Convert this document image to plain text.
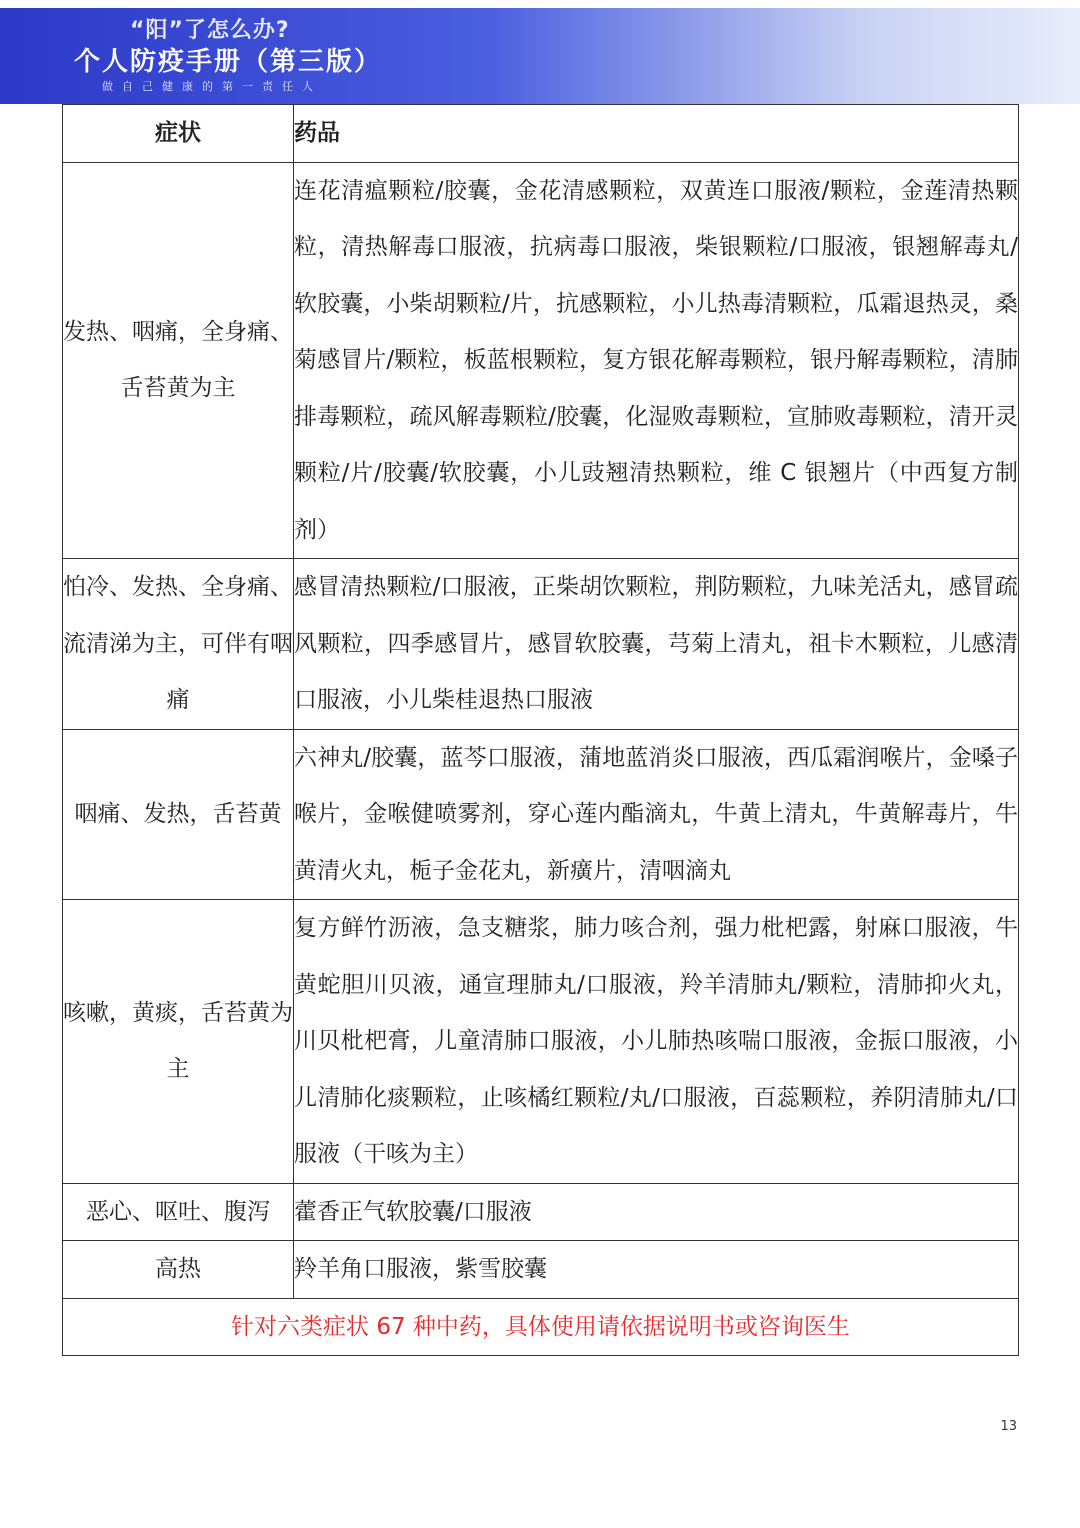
“阳”了怎么办?
个人防疫手册（第三版）
做自己健康的第一责任人
症状	药品
发热、咽痛，全身痛、舌苔黄为主	连花清瘟颗粒/胶囊，金花清感颗粒，双黄连口服液/颗粒，金莲清热颗粒，清热解毒口服液，抗病毒口服液，柴银颗粒/口服液，银翘解毒丸/软胶囊，小柴胡颗粒/片，抗感颗粒，小儿热毒清颗粒，瓜霜退热灵，桑菊感冒片/颗粒，板蓝根颗粒，复方银花解毒颗粒，银丹解毒颗粒，清肺排毒颗粒，疏风解毒颗粒/胶囊，化湿败毒颗粒，宣肺败毒颗粒，清开灵颗粒/片/胶囊/软胶囊，小儿豉翘清热颗粒，维 C 银翘片（中西复方制剂）
怕冷、发热、全身痛、流清涕为主，可伴有咽痛	感冒清热颗粒/口服液，正柴胡饮颗粒，荆防颗粒，九味羌活丸，感冒疏风颗粒，四季感冒片，感冒软胶囊，芎菊上清丸，祖卡木颗粒，儿感清口服液，小儿柴桂退热口服液
咽痛、发热，舌苔黄	六神丸/胶囊，蓝芩口服液，蒲地蓝消炎口服液，西瓜霜润喉片，金嗓子喉片，金喉健喷雾剂，穿心莲内酯滴丸，牛黄上清丸，牛黄解毒片，牛黄清火丸，栀子金花丸，新癀片，清咽滴丸
咳嗽，黄痰，舌苔黄为主	复方鲜竹沥液，急支糖浆，肺力咳合剂，强力枇杷露，射麻口服液，牛黄蛇胆川贝液，通宣理肺丸/口服液，羚羊清肺丸/颗粒，清肺抑火丸，川贝枇杷膏，儿童清肺口服液，小儿肺热咳喘口服液，金振口服液，小儿清肺化痰颗粒，止咳橘红颗粒/丸/口服液，百蕊颗粒，养阴清肺丸/口服液（干咳为主）
恶心、呕吐、腹泻	藿香正气软胶囊/口服液
高热	羚羊角口服液，紫雪胶囊
针对六类症状 67 种中药，具体使用请依据说明书或咨询医生	
13
